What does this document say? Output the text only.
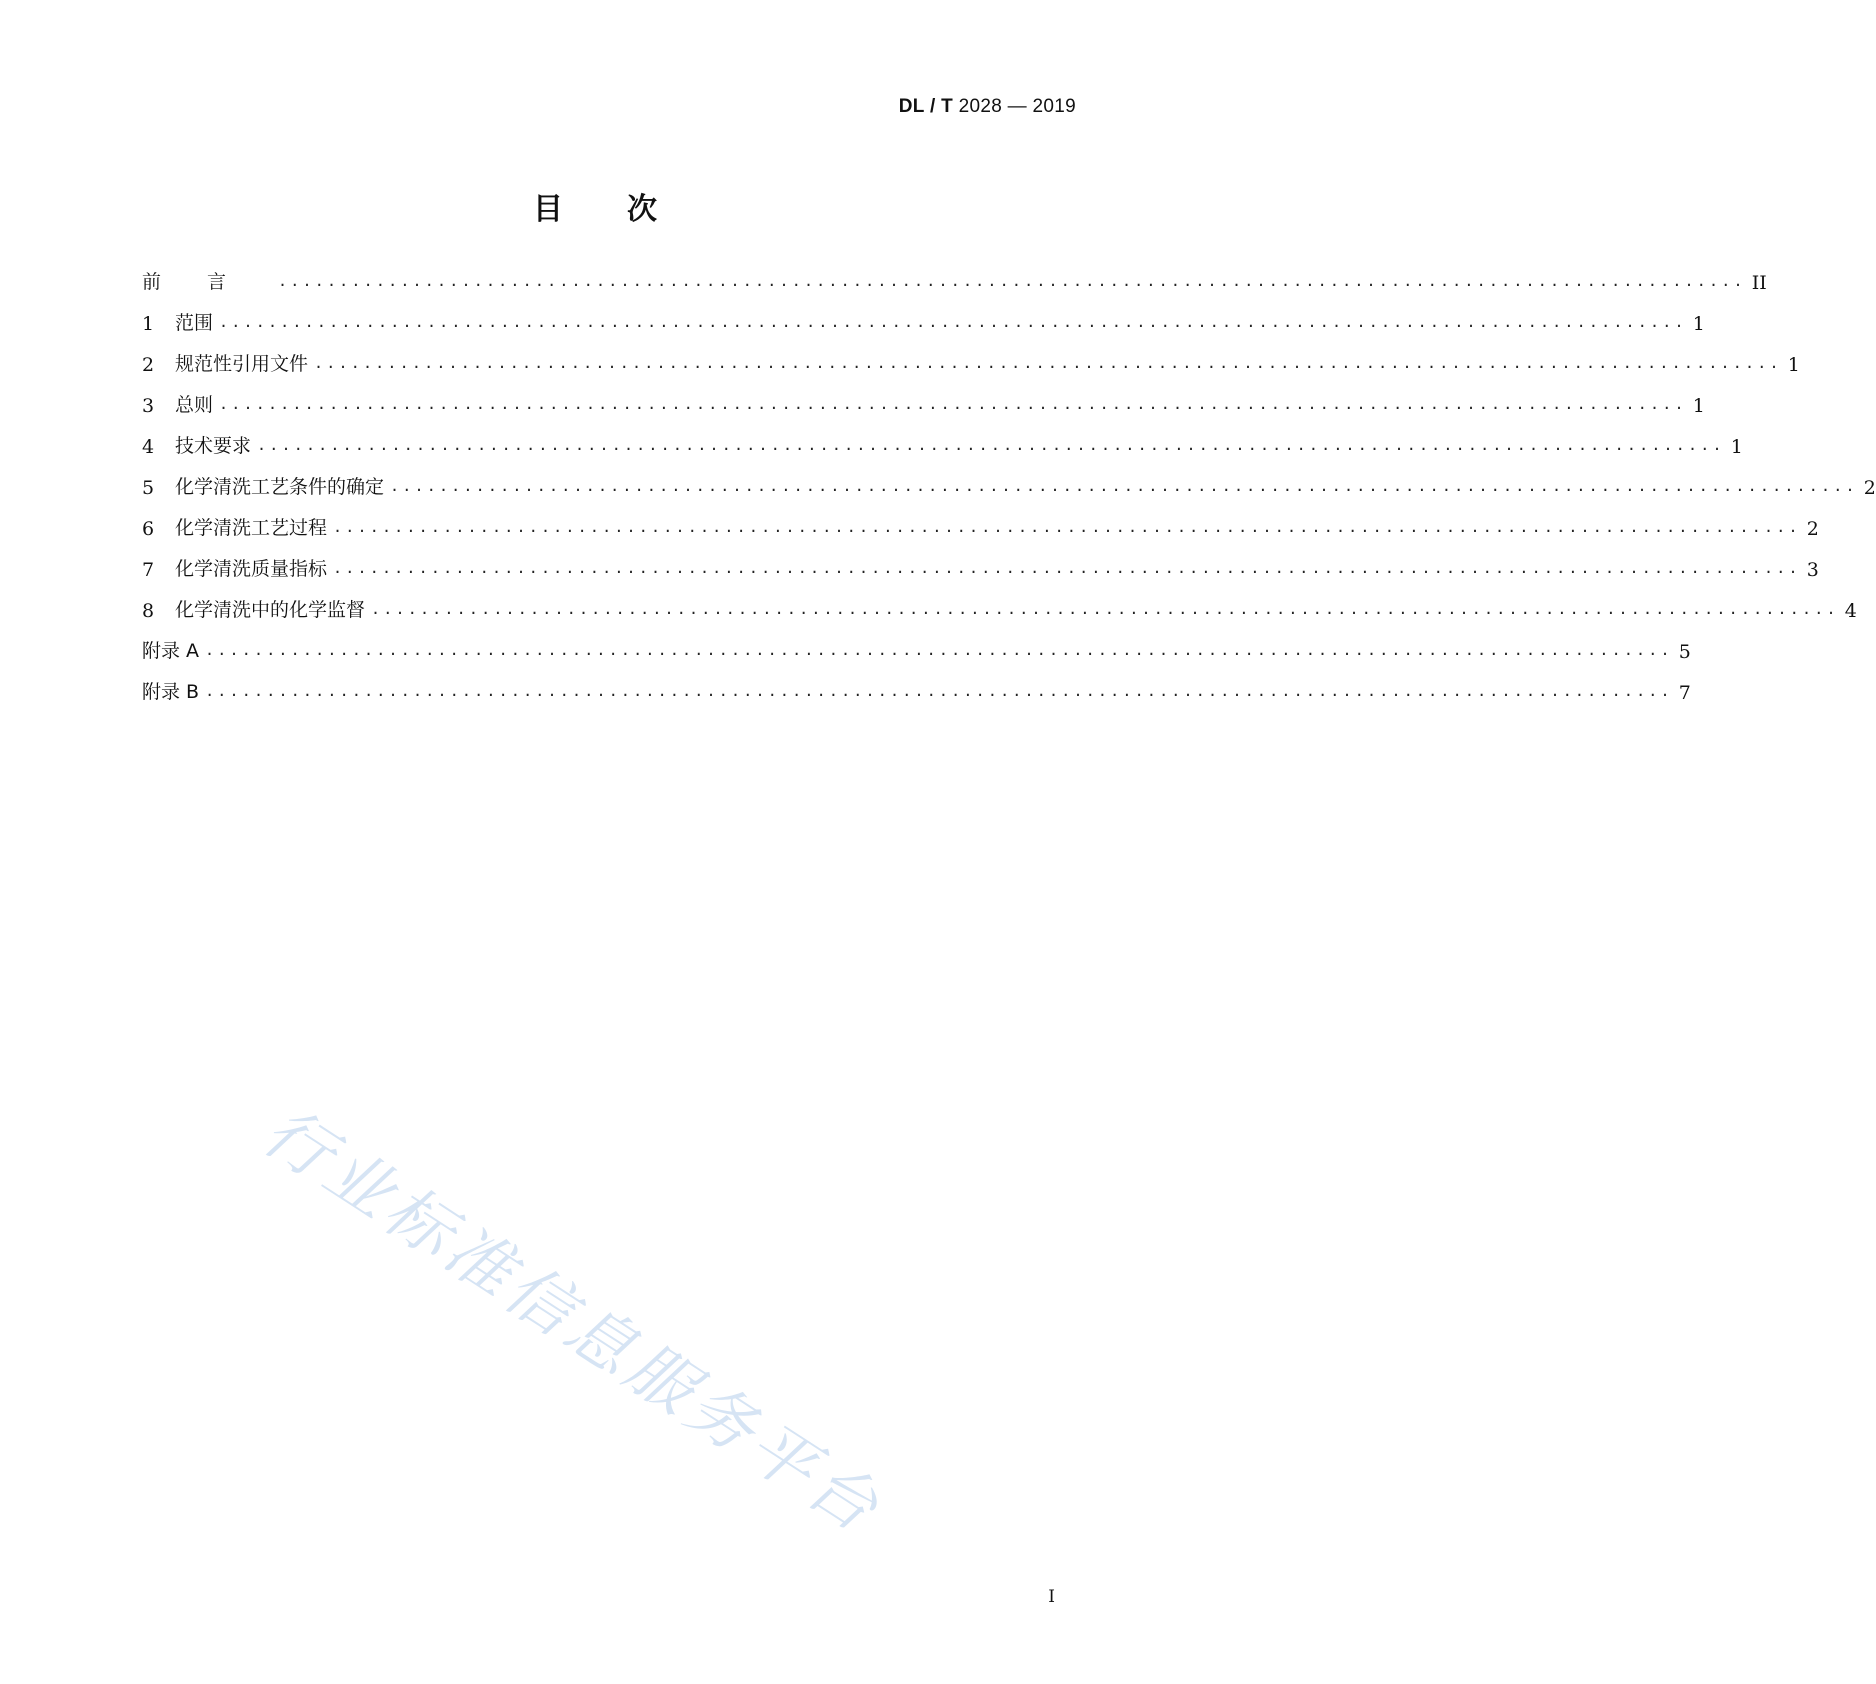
DL / T 2028 — 2019
目 次
前言 ........................................................................................................................ II
1	范围 ........................................................................................................................ 1
2	规范性引用文件 ........................................................................................................................ 1
3	总则 ........................................................................................................................ 1
4	技术要求 ........................................................................................................................ 1
5	化学清洗工艺条件的确定 ........................................................................................................................ 2
6	化学清洗工艺过程 ........................................................................................................................ 2
7	化学清洗质量指标 ........................................................................................................................ 3
8	化学清洗中的化学监督 ........................................................................................................................ 4
附录 A ........................................................................................................................ 5
附录 B ........................................................................................................................ 7
行业标准信息服务平台
I
